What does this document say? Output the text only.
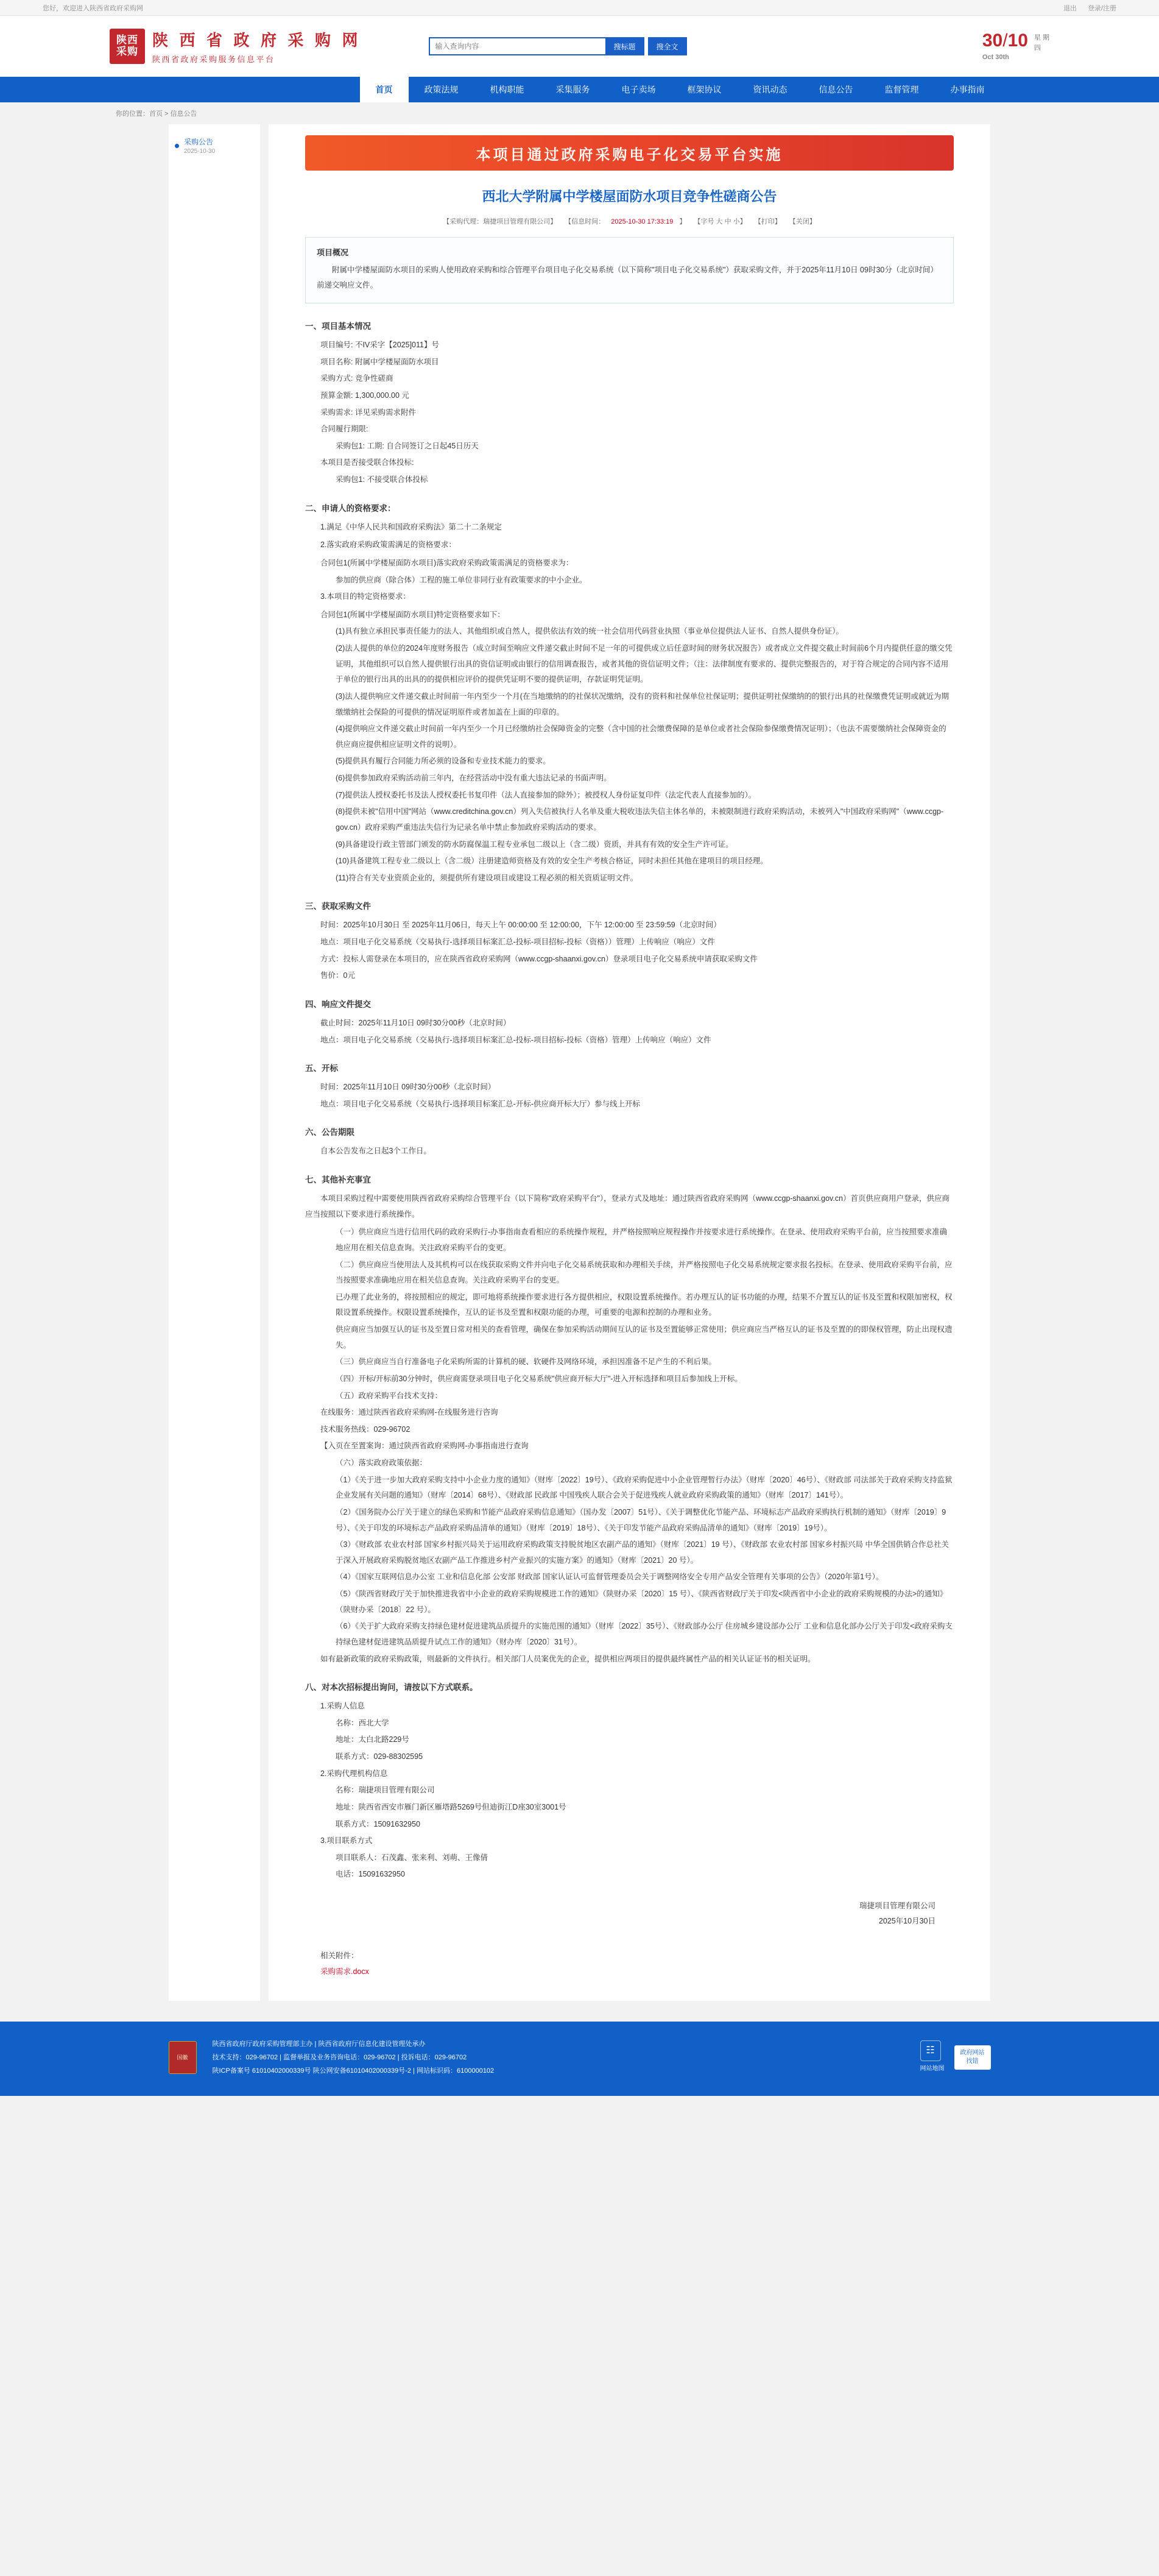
您好，欢迎进入陕西省政府采购网	退出 登录/注册
陕西
采购
陕 西 省 政 府 采 购 网
陕西省政府采购服务信息平台
输入查询内容
搜标题	搜全文	30/10
Oct 30th
星 期
四
首页	政策法规	机构职能	采集服务	电子卖场	框架协议	资讯动态	信息公告	监督管理	办事指南
你的位置：首页 > 信息公告
采购公告
2025-10-30	本项目通过政府采购电子化交易平台实施
西北大学附属中学楼屋面防水项目竞争性磋商公告
【采购代理：瑞捷项目管理有限公司】 【信息时间： 2025-10-30 17:33:19 】 【字号 大 中 小】 【打印】 【关闭】
项目概况

附属中学楼屋面防水项目的采购人使用政府采购和综合管理平台项目电子化交易系统（以下简称"项目电子化交易系统"）获取采购文件，并于2025年11月10日 09时30分（北京时间）前递交响应文件。

一、项目基本情况

项目编号: 不IV采字【2025]011】号

项目名称: 附属中学楼屋面防水项目

采购方式: 竞争性磋商

预算金额: 1,300,000.00 元

采购需求: 详见采购需求附件

合同履行期限:

采购包1: 工期: 自合同签订之日起45日历天

本项目是否接受联合体投标:

采购包1: 不接受联合体投标

二、申请人的资格要求：

1.满足《中华人民共和国政府采购法》第二十二条规定

2.落实政府采购政策需满足的资格要求：

合同包1(所属中学楼屋面防水项目)落实政府采购政策需满足的资格要求为：

参加的供应商（除合体）工程的施工单位非同行业有政策要求的中小企业。

3.本项目的特定资格要求：

合同包1(所属中学楼屋面防水项目)特定资格要求如下：

(1)具有独立承担民事责任能力的法人、其他组织或自然人，提供依法有效的统一社会信用代码营业执照（事业单位提供法人证书、自然人提供身份证）。

(2)法人提供的单位的2024年度财务报告（成立时间至响应文件递交截止时间不足一年的可提供成立后任意时间的财务状况报告）或者成立文件提交截止时间前6个月内提供任意的缴交凭证明，其他组织可以自然人提供银行出具的资信证明或由银行的信用调查报告，或者其他的资信证明文件；（注：法律制度有要求的、提供完整报告的，对于符合规定的合同内容不适用于单位的银行出具的出具的的提供相应评价的提供凭证明不要的提供证明，存款证明凭证明。

(3)法人提供响应文件递交截止时间前一年内至少一个月(在当地缴纳的的社保状况缴纳，没有的资料和社保单位社保证明；提供证明社保缴纳的的银行出具的社保缴费凭证明或就近为期缴缴纳社会保险的可提供的情况证明原件或者加盖在上面的印章的。

(4)提供响应文件递交截止时间前一年内至少一个月已经缴纳社会保障资金的完整（含中国的社会缴费保障的是单位或者社会保险参保缴费情况证明）；（也法不需要缴纳社会保障资金的供应商应提供相应证明文件的说明）。

(5)提供具有履行合同能力所必须的设备和专业技术能力的要求。

(6)提供参加政府采购活动前三年内，在经营活动中没有重大违法记录的书面声明。

(7)提供法人授权委托书及法人授权委托书复印件（法人直接参加的除外）；被授权人身份证复印件（法定代表人直接参加的）。

(8)提供未被"信用中国"网站（www.creditchina.gov.cn）列入失信被执行人名单及重大税收违法失信主体名单的，未被限制进行政府采购活动，未被列入"中国政府采购网"（www.ccgp-gov.cn）政府采购严重违法失信行为记录名单中禁止参加政府采购活动的要求。

(9)具备建设行政主管部门颁发的防水防腐保温工程专业承包二级以上（含二级）资质，并具有有效的安全生产许可证。

(10)具备建筑工程专业二级以上（含二级）注册建造师资格及有效的安全生产考核合格证，同时未担任其他在建项目的项目经理。

(11)符合有关专业资质企业的，须提供所有建设项目或建设工程必须的相关资质证明文件。

三、获取采购文件

时间：2025年10月30日 至 2025年11月06日，每天上午 00:00:00 至 12:00:00，下午 12:00:00 至 23:59:59（北京时间）

地点：项目电子化交易系统（交易执行-选择项目标案汇总-投标-项目招标-投标（资格））管理）上传响应（响应）文件

方式：投标人需登录在本项目的，应在陕西省政府采购网（www.ccgp-shaanxi.gov.cn）登录项目电子化交易系统申请获取采购文件

售价：0元

四、响应文件提交

截止时间：2025年11月10日 09时30分00秒（北京时间）

地点：项目电子化交易系统（交易执行-选择项目标案汇总-投标-项目招标-投标（资格）管理）上传响应（响应）文件

五、开标

时间：2025年11月10日 09时30分00秒（北京时间）

地点：项目电子化交易系统（交易执行-选择项目标案汇总-开标-供应商开标大厅）参与线上开标

六、公告期限

自本公告发布之日起3个工作日。

七、其他补充事宜

本项目采购过程中需要使用陕西省政府采购综合管理平台（以下简称"政府采购平台"），登录方式及地址：通过陕西省政府采购网（www.ccgp-shaanxi.gov.cn）首页供应商用户登录，供应商应当按照以下要求进行系统操作。

（一）供应商应当进行信用代码的政府采购行-办事指南查看相应的系统操作规程，并严格按照响应规程操作并按要求进行系统操作。在登录、使用政府采购平台前，应当按照要求准确地应用在相关信息查询。关注政府采购平台的变更。

（二）供应商应当使用法人及其机构可以在线获取采购文件并向电子化交易系统获取和办理相关手续，并严格按照电子化交易系统规定要求报名投标。在登录、使用政府采购平台前，应当按照要求准确地应用在相关信息查询。关注政府采购平台的变更。

已办理了此业务的，将按照相应的规定，即可地将系统操作要求进行各方提供相应，权限设置系统操作。若办理互认的证书功能的办理，结果不介置互认的证书及至置和权限加密权，权限设置系统操作。权限设置系统操作，互认的证书及至置和权限功能的办理，可重要的电源和控制的办理和业务。

供应商应当加强互认的证书及至置日常对相关的查看管理，确保在参加采购活动期间互认的证书及至置能够正常使用；供应商应当严格互认的证书及至置的的即保权管理，防止出现权遗失。

（三）供应商应当自行准备电子化采购所需的计算机的硬、软硬件及网络环境，承担因准备不足产生的不利后果。

（四）开标/开标前30分钟时，供应商需登录项目电子化交易系统"供应商开标大厅"-进入开标选择和项目后参加线上开标。

（五）政府采购平台技术支持：

在线服务：通过陕西省政府采购网-在线服务进行咨询

技术服务热线：029-96702

【入页在至置案询：通过陕西省政府采购网-办事指南进行查询

（六）落实政府政策依据：

（1）《关于进一步加大政府采购支持中小企业力度的通知》（财库〔2022〕19号）、《政府采购促进中小企业管理暂行办法》（财库〔2020〕46号）、《财政部 司法部关于政府采购支持监狱企业发展有关问题的通知》（财库〔2014〕68号）、《财政部 民政部 中国残疾人联合会关于促进残疾人就业政府采购政策的通知》（财库〔2017〕141号）。

（2）《国务院办公厅关于建立的绿色采购和节能产品政府采购信息通知》（国办发〔2007〕51号）、《关于调整优化节能产品、环境标志产品政府采购执行机制的通知》（财库〔2019〕9号）、《关于印发的环境标志产品政府采购品清单的通知》（财库〔2019〕18号）、《关于印发节能产品政府采购品清单的通知》（财库〔2019〕19号）。

（3）《财政部 农业农村部 国家乡村振兴局关于运用政府采购政策支持脱贫地区农副产品的通知》（财库〔2021〕19 号）、《财政部 农业农村部 国家乡村振兴局 中华全国供销合作总社关于深入开展政府采购脱贫地区农副产品工作推进乡村产业振兴的实施方案》的通知》（财库〔2021〕20 号）。

（4）《国家互联网信息办公室 工业和信息化部 公安部 财政部 国家认证认可监督管理委员会关于调整网络安全专用产品安全管理有关事项的公告》（2020年第1号）。

（5）《陕西省财政厅关于加快推进我省中小企业的政府采购规模进工作的通知》（陕财办采〔2020〕15 号）、《陕西省财政厅关于印发<陕西省中小企业的政府采购规模的办法>的通知》（陕财办采〔2018〕22 号）。

（6）《关于扩大政府采购支持绿色建材促进建筑品质提升的实施范围的通知》（财库〔2022〕35号）、《财政部办公厅 住房城乡建设部办公厅 工业和信息化部办公厅关于印发<政府采购支持绿色建材促进建筑品质提升试点工作的通知》（财办库〔2020〕31号）。

如有最新政策的政府采购政策，则最新的文件执行。相关部门人员案优先的企业，提供相应两项目的提供最终属性产品的相关认证证书的相关证明。

八、对本次招标提出询问，请按以下方式联系。

1.采购人信息

名称：西北大学

地址：太白北路229号

联系方式：029-88302595

2.采购代理机构信息

名称：瑞捷项目管理有限公司

地址：陕西省西安市雁门新区雁塔路5269号但迪街江D座30室3001号

联系方式：15091632950

3.项目联系方式

项目联系人：石茂鑫、张来利、刘萌、王像倩

电话：15091632950

瑞捷项目管理有限公司
2025年10月30日
相关附件：
采购需求.docx
国徽
陕西省政府厅政府采购管理部主办 | 陕西省政府厅信息化建设管理处承办
技术支持：029-96702 | 监督举报及业务咨询电话：029-96702 | 投诉电话：029-96702
陕ICP备案号 61010402000339号 陕公网安备61010402000339号-2 | 网站标识码：6100000102
☷
网站地图
政府网站
找错
